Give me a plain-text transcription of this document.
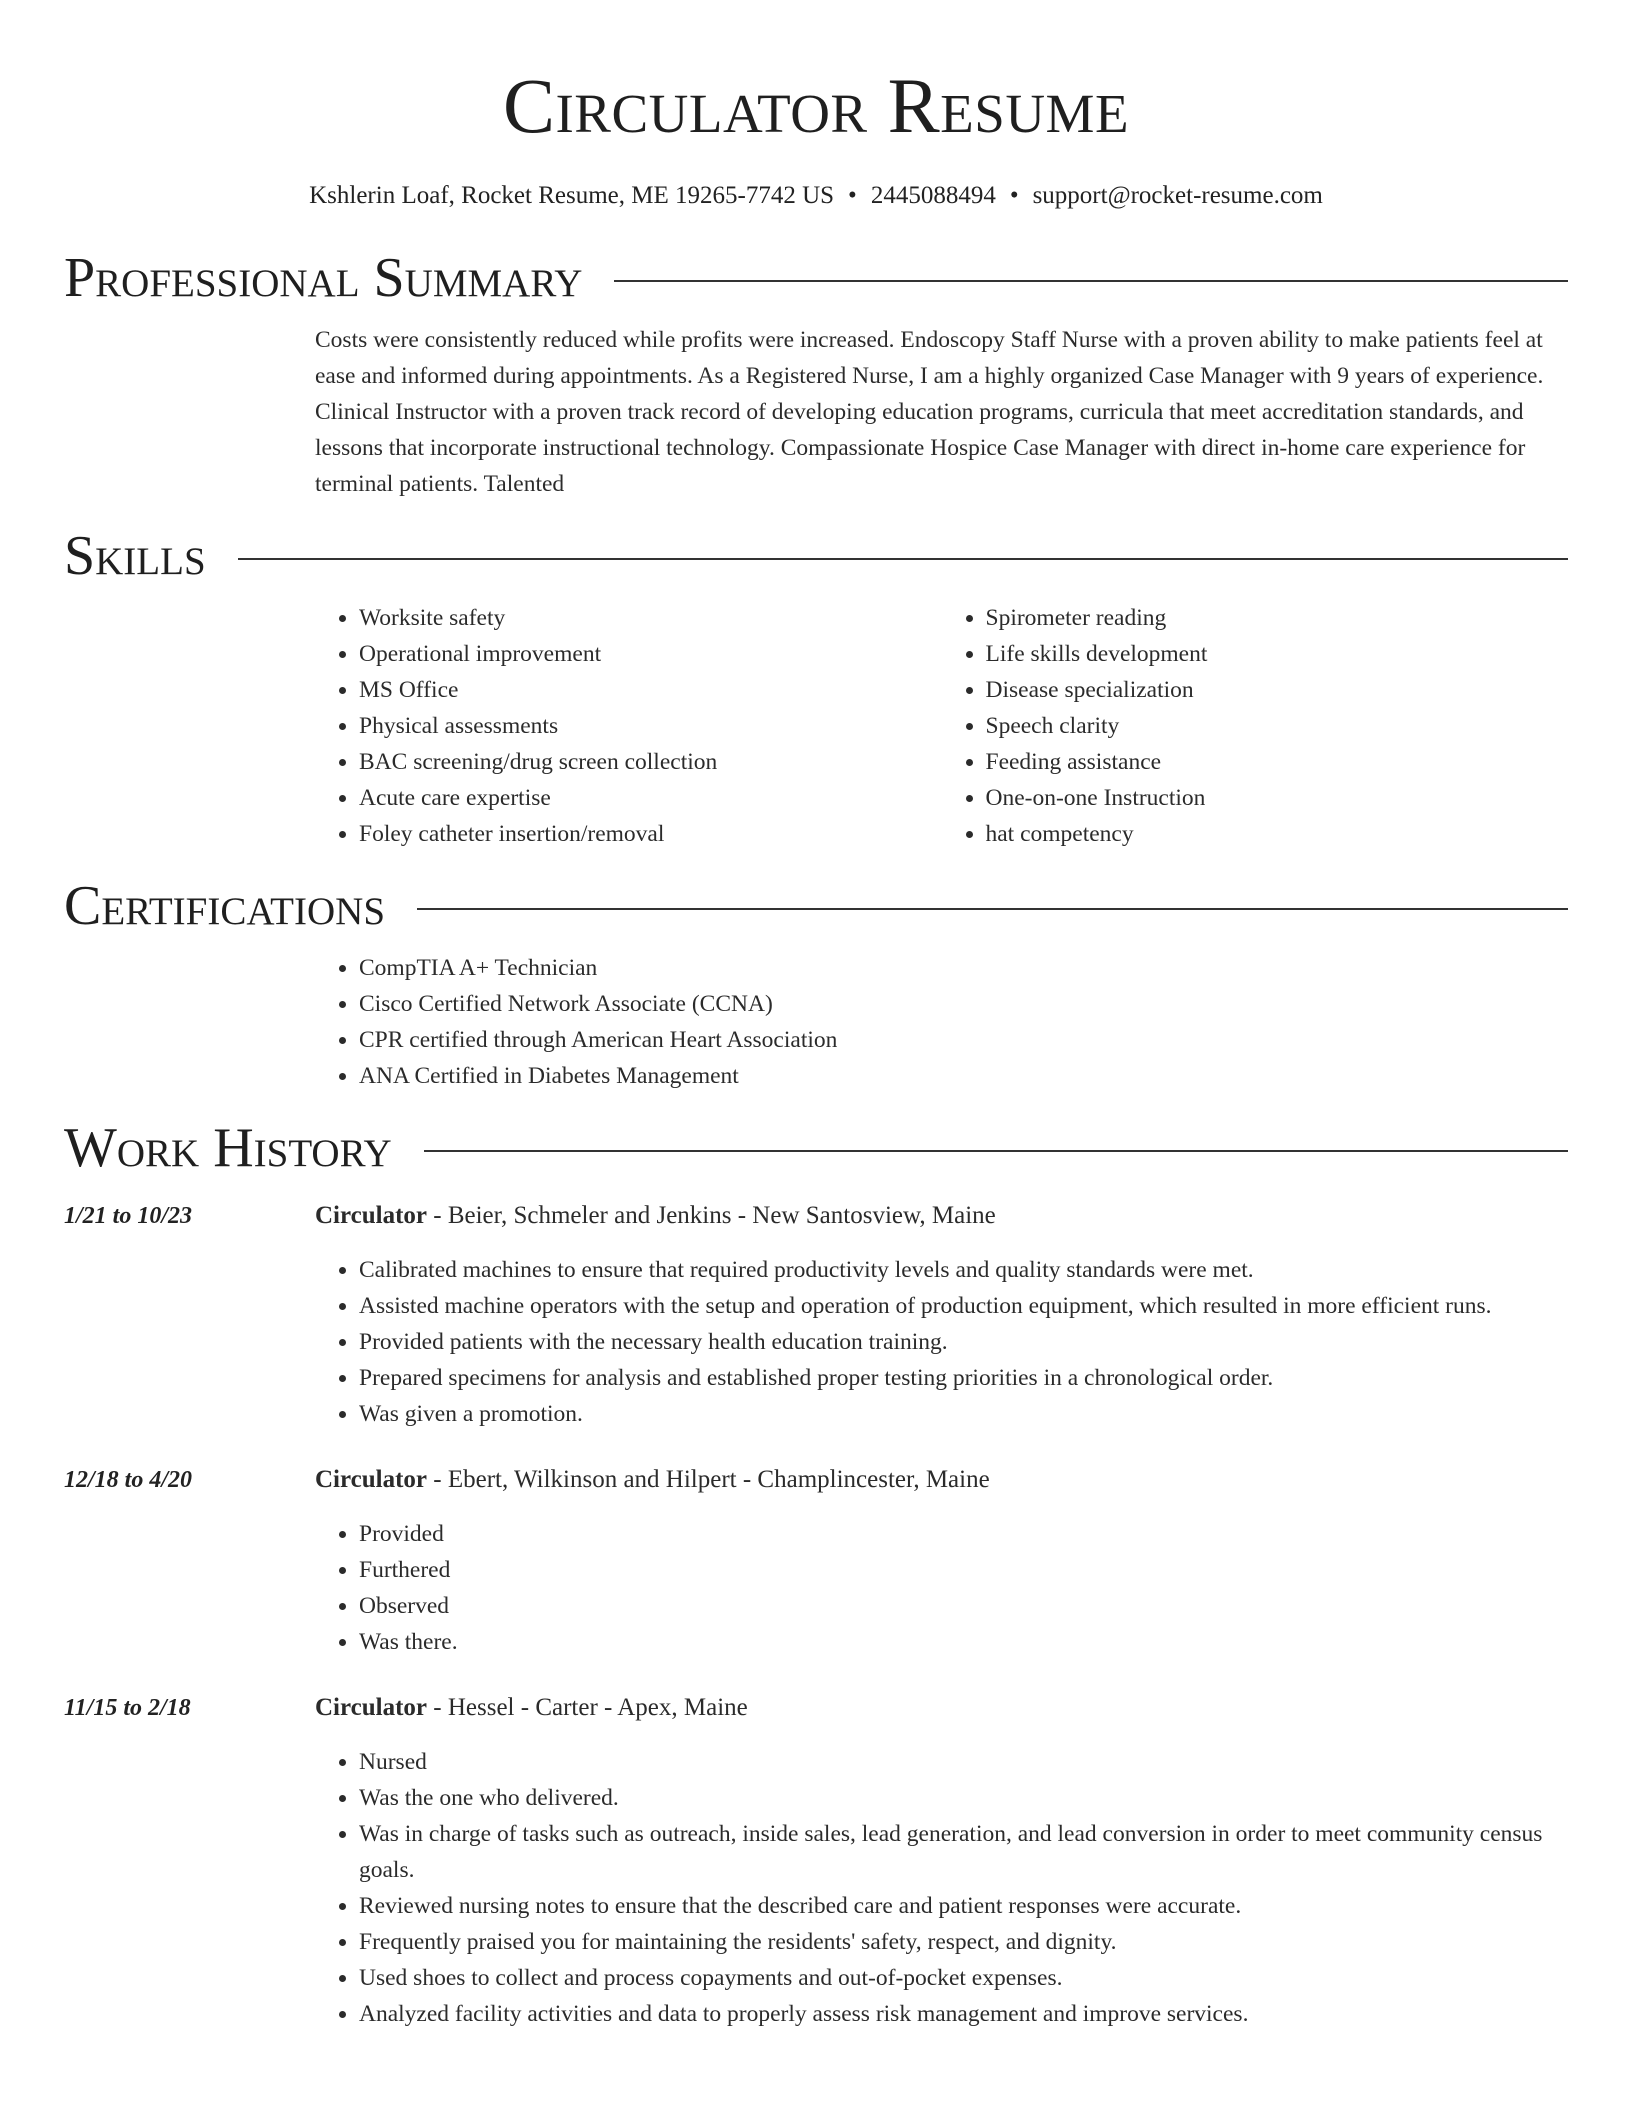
Circulator Resume
Kshlerin Loaf, Rocket Resume, ME 19265-7742 US • 2445088494 • support@rocket-resume.com
Professional Summary
Costs were consistently reduced while profits were increased. Endoscopy Staff Nurse with a proven ability to make patients feel at ease and informed during appointments. As a Registered Nurse, I am a highly organized Case Manager with 9 years of experience. Clinical Instructor with a proven track record of developing education programs, curricula that meet accreditation standards, and lessons that incorporate instructional technology. Compassionate Hospice Case Manager with direct in-home care experience for terminal patients. Talented
Skills
• Worksite safety
• Operational improvement
• MS Office
• Physical assessments
• BAC screening/drug screen collection
• Acute care expertise
• Foley catheter insertion/removal
• Spirometer reading
• Life skills development
• Disease specialization
• Speech clarity
• Feeding assistance
• One-on-one Instruction
• hat competency
Certifications
• CompTIA A+ Technician
• Cisco Certified Network Associate (CCNA)
• CPR certified through American Heart Association
• ANA Certified in Diabetes Management
Work History
1/21 to 10/23	Circulator - Beier, Schmeler and Jenkins - New Santosview, Maine
• Calibrated machines to ensure that required productivity levels and quality standards were met.
• Assisted machine operators with the setup and operation of production equipment, which resulted in more efficient runs.
• Provided patients with the necessary health education training.
• Prepared specimens for analysis and established proper testing priorities in a chronological order.
• Was given a promotion.
12/18 to 4/20	Circulator - Ebert, Wilkinson and Hilpert - Champlincester, Maine
• Provided
• Furthered
• Observed
• Was there.
11/15 to 2/18	Circulator - Hessel - Carter - Apex, Maine
• Nursed
• Was the one who delivered.
• Was in charge of tasks such as outreach, inside sales, lead generation, and lead conversion in order to meet community census goals.
• Reviewed nursing notes to ensure that the described care and patient responses were accurate.
• Frequently praised you for maintaining the residents' safety, respect, and dignity.
• Used shoes to collect and process copayments and out-of-pocket expenses.
• Analyzed facility activities and data to properly assess risk management and improve services.
